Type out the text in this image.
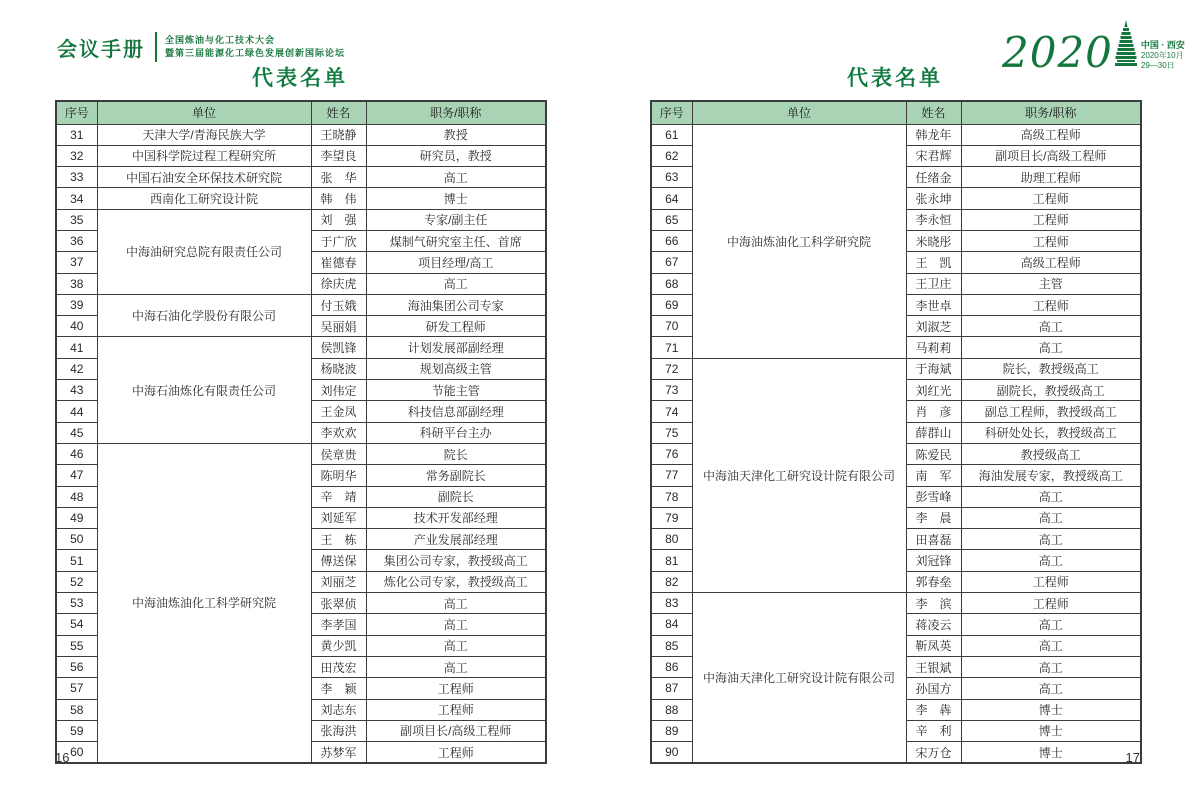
会议手册 全国炼油与化工技术大会
暨第三届能源化工绿色发展创新国际论坛	2020	中国 · 西安
2020年10月29—30日
代表名单
序号	单位	姓名	职务/职称
31	天津大学/青海民族大学	王晓静	教授
32	中国科学院过程工程研究所	李望良	研究员，教授
33	中国石油安全环保技术研究院	张　华	高工
34	西南化工研究设计院	韩　伟	博士
35	中海油研究总院有限责任公司	刘　强	专家/副主任
36		于广欣	煤制气研究室主任、首席
37		崔德春	项目经理/高工
38		徐庆虎	高工
39	中海石油化学股份有限公司	付玉娥	海油集团公司专家
40		吴丽娟	研发工程师
41	中海石油炼化有限责任公司	侯凯锋	计划发展部副经理
42		杨晓波	规划高级主管
43		刘伟定	节能主管
44		王金凤	科技信息部副经理
45		李欢欢	科研平台主办
46	中海油炼油化工科学研究院	侯章贵	院长
47		陈明华	常务副院长
48		辛　靖	副院长
49		刘延军	技术开发部经理
50		王　栋	产业发展部经理
51		傅送保	集团公司专家，教授级高工
52		刘丽芝	炼化公司专家，教授级高工
53		张翠侦	高工
54		李孝国	高工
55		黄少凯	高工
56		田茂宏	高工
57		李　颖	工程师
58		刘志东	工程师
59		张海洪	副项目长/高级工程师
60		苏梦军	工程师
代表名单
序号	单位	姓名	职务/职称
61	中海油炼油化工科学研究院	韩龙年	高级工程师
62		宋君辉	副项目长/高级工程师
63		任绪金	助理工程师
64		张永坤	工程师
65		李永恒	工程师
66		米晓彤	工程师
67		王　凯	高级工程师
68		王卫庄	主管
69		李世卓	工程师
70		刘淑芝	高工
71		马莉莉	高工
72	中海油天津化工研究设计院有限公司	于海斌	院长，教授级高工
73		刘红光	副院长，教授级高工
74		肖　彦	副总工程师，教授级高工
75		薛群山	科研处处长，教授级高工
76		陈爱民	教授级高工
77		南　军	海油发展专家，教授级高工
78		彭雪峰	高工
79		李　晨	高工
80		田喜磊	高工
81		刘冠锋	高工
82		郭春垒	工程师
83	中海油天津化工研究设计院有限公司	李　滨	工程师
84		蒋凌云	高工
85		靳凤英	高工
86		王银斌	高工
87		孙国方	高工
88		李　犇	博士
89		辛　利	博士
90		宋万仓	博士
16	17
